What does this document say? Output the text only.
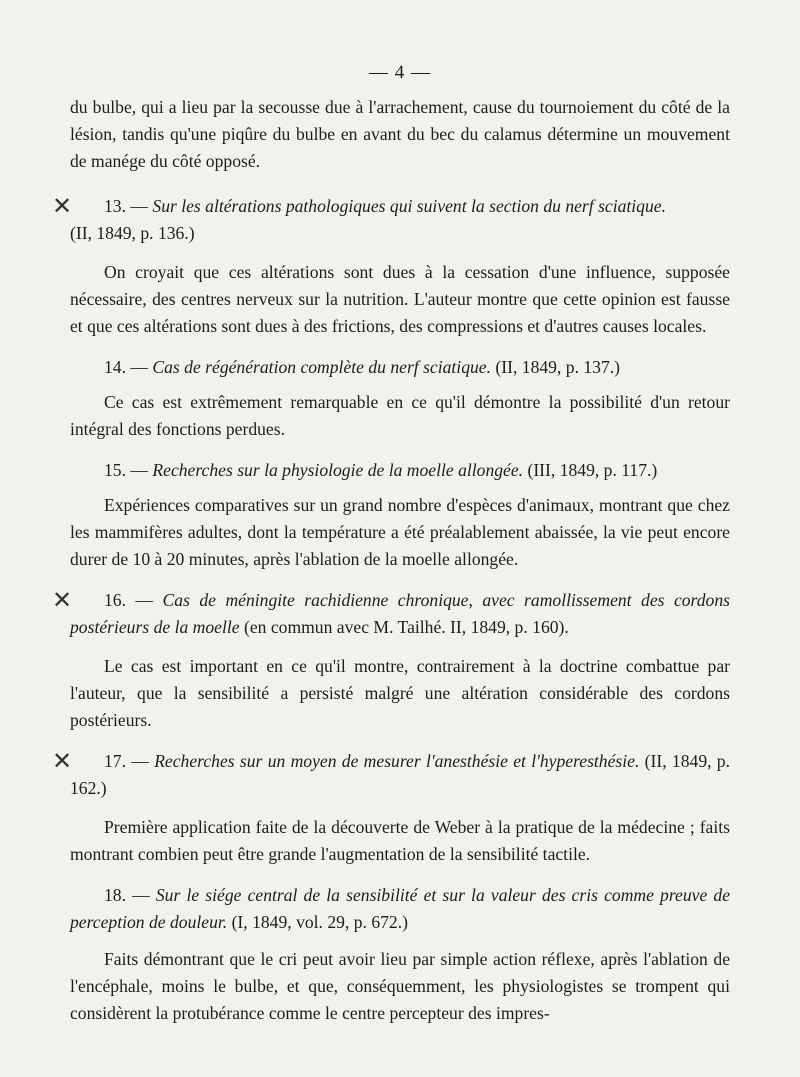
— 4 —

du bulbe, qui a lieu par la secousse due à l'arrachement, cause du tournoiement du côté de la lésion, tandis qu'une piqûre du bulbe en avant du bec du calamus détermine un mouvement de manége du côté opposé.

✕ 13. — Sur les altérations pathologiques qui suivent la section du nerf sciatique.

(II, 1849, p. 136.)

On croyait que ces altérations sont dues à la cessation d'une influence, supposée nécessaire, des centres nerveux sur la nutrition. L'auteur montre que cette opinion est fausse et que ces altérations sont dues à des frictions, des compressions et d'autres causes locales.

14. — Cas de régénération complète du nerf sciatique. (II, 1849, p. 137.)

Ce cas est extrêmement remarquable en ce qu'il démontre la possibilité d'un retour intégral des fonctions perdues.

15. — Recherches sur la physiologie de la moelle allongée. (III, 1849, p. 117.)

Expériences comparatives sur un grand nombre d'espèces d'animaux, montrant que chez les mammifères adultes, dont la température a été préalablement abaissée, la vie peut encore durer de 10 à 20 minutes, après l'ablation de la moelle allongée.

✕ 16. — Cas de méningite rachidienne chronique, avec ramollissement des cordons postérieurs de la moelle (en commun avec M. Tailhé. II, 1849, p. 160).

Le cas est important en ce qu'il montre, contrairement à la doctrine combattue par l'auteur, que la sensibilité a persisté malgré une altération considérable des cordons postérieurs.

✕ 17. — Recherches sur un moyen de mesurer l'anesthésie et l'hyperesthésie. (II, 1849, p. 162.)

Première application faite de la découverte de Weber à la pratique de la médecine ; faits montrant combien peut être grande l'augmentation de la sensibilité tactile.

18. — Sur le siége central de la sensibilité et sur la valeur des cris comme preuve de perception de douleur. (I, 1849, vol. 29, p. 672.)

Faits démontrant que le cri peut avoir lieu par simple action réflexe, après l'ablation de l'encéphale, moins le bulbe, et que, conséquemment, les physiologistes se trompent qui considèrent la protubérance comme le centre percepteur des impres-
